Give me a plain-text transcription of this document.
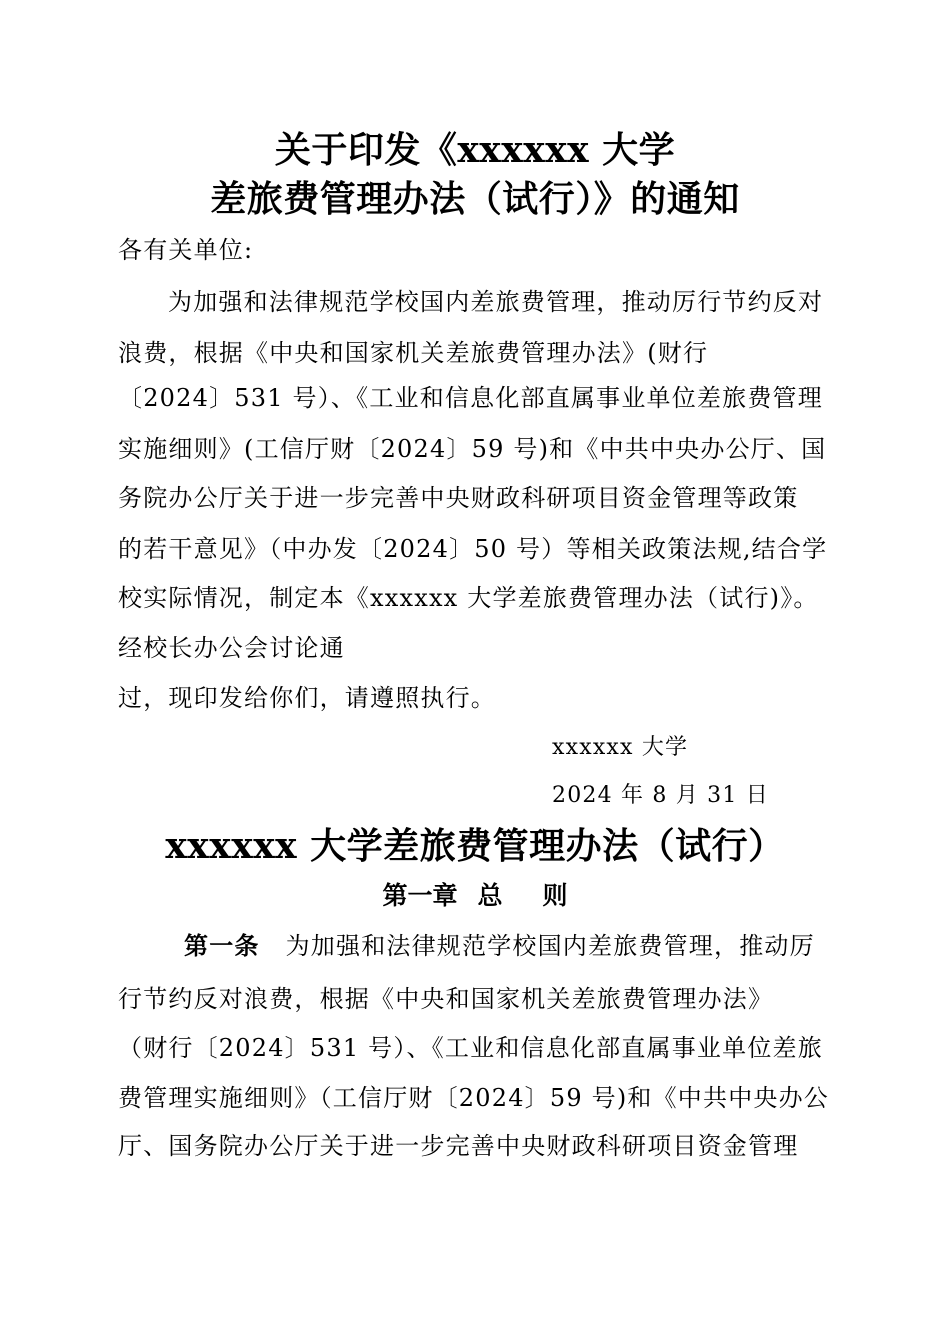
关于印发《xxxxxx 大学
差旅费管理办法（试行）》的通知
各有关单位:
为加强和法律规范学校国内差旅费管理，推动厉行节约反对
浪费，根据《中央和国家机关差旅费管理办法》(财行
〔2024〕531 号）、《工业和信息化部直属事业单位差旅费管理
实施细则》(工信厅财〔2024〕59 号)和《中共中央办公厅、国
务院办公厅关于进一步完善中央财政科研项目资金管理等政策
的若干意见》（中办发〔2024〕50 号）等相关政策法规,结合学
校实际情况，制定本《xxxxxx 大学差旅费管理办法（试行)》。
经校长办公会讨论通
过，现印发给你们，请遵照执行。
xxxxxx 大学
2024 年 8 月 31 日
xxxxxx 大学差旅费管理办法（试行）
第一章 总 则
第一条 为加强和法律规范学校国内差旅费管理，推动厉
行节约反对浪费，根据《中央和国家机关差旅费管理办法》
（财行〔2024〕531 号）、《工业和信息化部直属事业单位差旅
费管理实施细则》（工信厅财〔2024〕59 号)和《中共中央办公
厅、国务院办公厅关于进一步完善中央财政科研项目资金管理
